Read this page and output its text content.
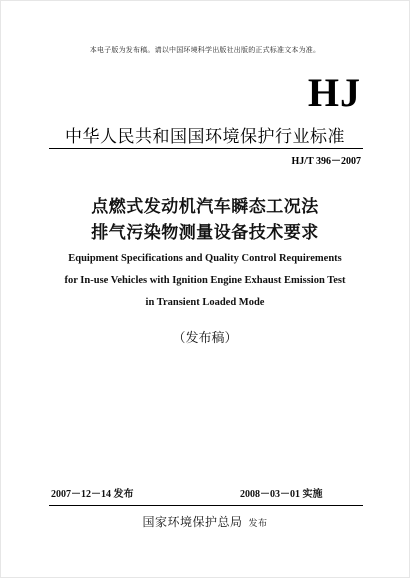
本电子版为发布稿。请以中国环境科学出版社出版的正式标准文本为准。
HJ
中华人民共和国国环境保护行业标准
HJ/T 396－2007
点燃式发动机汽车瞬态工况法
排气污染物测量设备技术要求
Equipment Specifications and Quality Control Requirements
for In-use Vehicles with Ignition Engine Exhaust Emission Test
in Transient Loaded Mode
（发布稿）
2007－12－14 发布	2008－03－01 实施
国家环境保护总局 发布
